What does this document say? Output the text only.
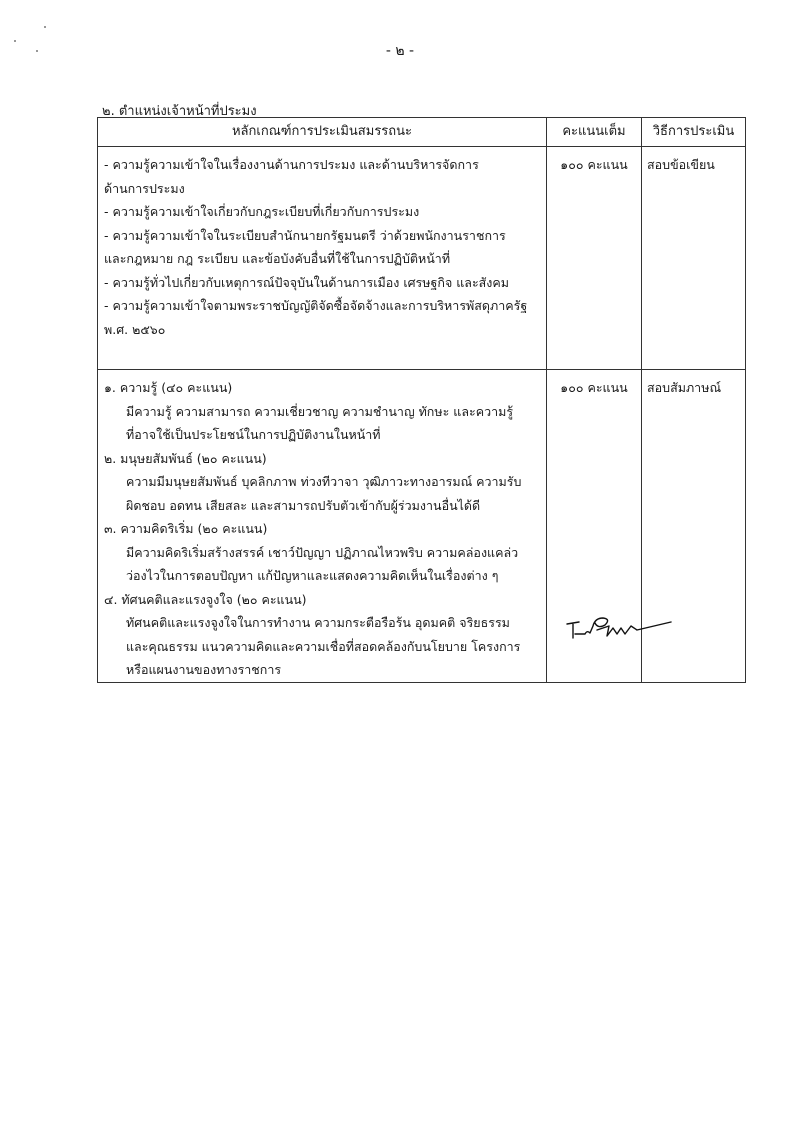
- ๒ -
๒. ตำแหน่งเจ้าหน้าที่ประมง
หลักเกณฑ์การประเมินสมรรถนะ	คะแนนเต็ม	วิธีการประเมิน

- ความรู้ความเข้าใจในเรื่องงานด้านการประมง และด้านบริหารจัดการ
ด้านการประมง
- ความรู้ความเข้าใจเกี่ยวกับกฎระเบียบที่เกี่ยวกับการประมง
- ความรู้ความเข้าใจในระเบียบสำนักนายกรัฐมนตรี ว่าด้วยพนักงานราชการ
และกฎหมาย กฎ ระเบียบ และข้อบังคับอื่นที่ใช้ในการปฏิบัติหน้าที่
- ความรู้ทั่วไปเกี่ยวกับเหตุการณ์ปัจจุบันในด้านการเมือง เศรษฐกิจ และสังคม
- ความรู้ความเข้าใจตามพระราชบัญญัติจัดซื้อจัดจ้างและการบริหารพัสดุภาครัฐ
พ.ศ. ๒๕๖๐
	๑๐๐ คะแนน	สอบข้อเขียน

๑. ความรู้ (๔๐ คะแนน)
มีความรู้ ความสามารถ ความเชี่ยวชาญ ความชำนาญ ทักษะ และความรู้
ที่อาจใช้เป็นประโยชน์ในการปฏิบัติงานในหน้าที่
๒. มนุษยสัมพันธ์ (๒๐ คะแนน)
ความมีมนุษยสัมพันธ์ บุคลิกภาพ ท่วงทีวาจา วุฒิภาวะทางอารมณ์ ความรับ
ผิดชอบ อดทน เสียสละ และสามารถปรับตัวเข้ากับผู้ร่วมงานอื่นได้ดี
๓. ความคิดริเริ่ม (๒๐ คะแนน)
มีความคิดริเริ่มสร้างสรรค์ เชาว์ปัญญา ปฏิภาณไหวพริบ ความคล่องแคล่ว
ว่องไวในการตอบปัญหา แก้ปัญหาและแสดงความคิดเห็นในเรื่องต่าง ๆ
๔. ทัศนคติและแรงจูงใจ (๒๐ คะแนน)
ทัศนคติและแรงจูงใจในการทำงาน ความกระตือรือร้น อุดมคติ จริยธรรม
และคุณธรรม แนวความคิดและความเชื่อที่สอดคล้องกับนโยบาย โครงการ
หรือแผนงานของทางราชการ
	๑๐๐ คะแนน	สอบสัมภาษณ์
